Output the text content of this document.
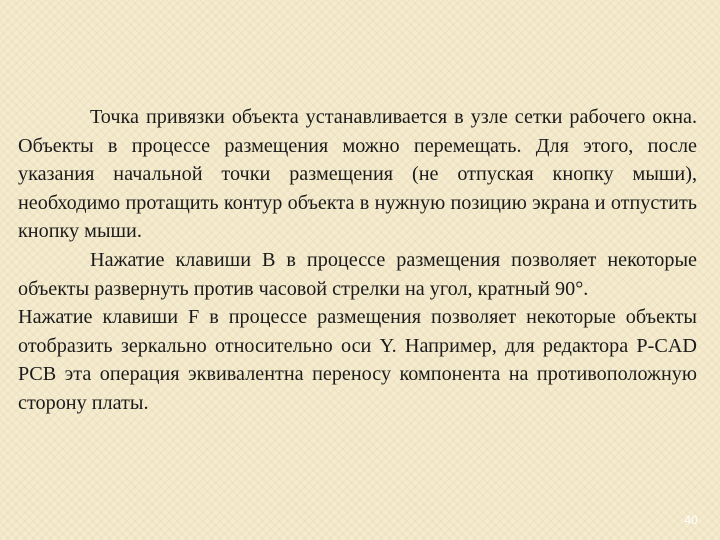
Точка привязки объекта устанавливается в узле сетки рабочего окна. Объекты в процессе размещения можно перемещать. Для этого, после указания начальной точки размещения (не отпуская кнопку мыши), необходимо протащить контур объекта в нужную позицию экрана и отпустить кнопку мыши.

Нажатие клавиши B в процессе размещения позволяет некоторые объекты развернуть против часовой стрелки на угол, кратный 90°.

Нажатие клавиши F в процессе размещения позволяет некоторые объекты отобразить зеркально относительно оси Y. Например, для редактора P-CAD PCB эта операция эквивалентна переносу компонента на противоположную сторону платы.

40
